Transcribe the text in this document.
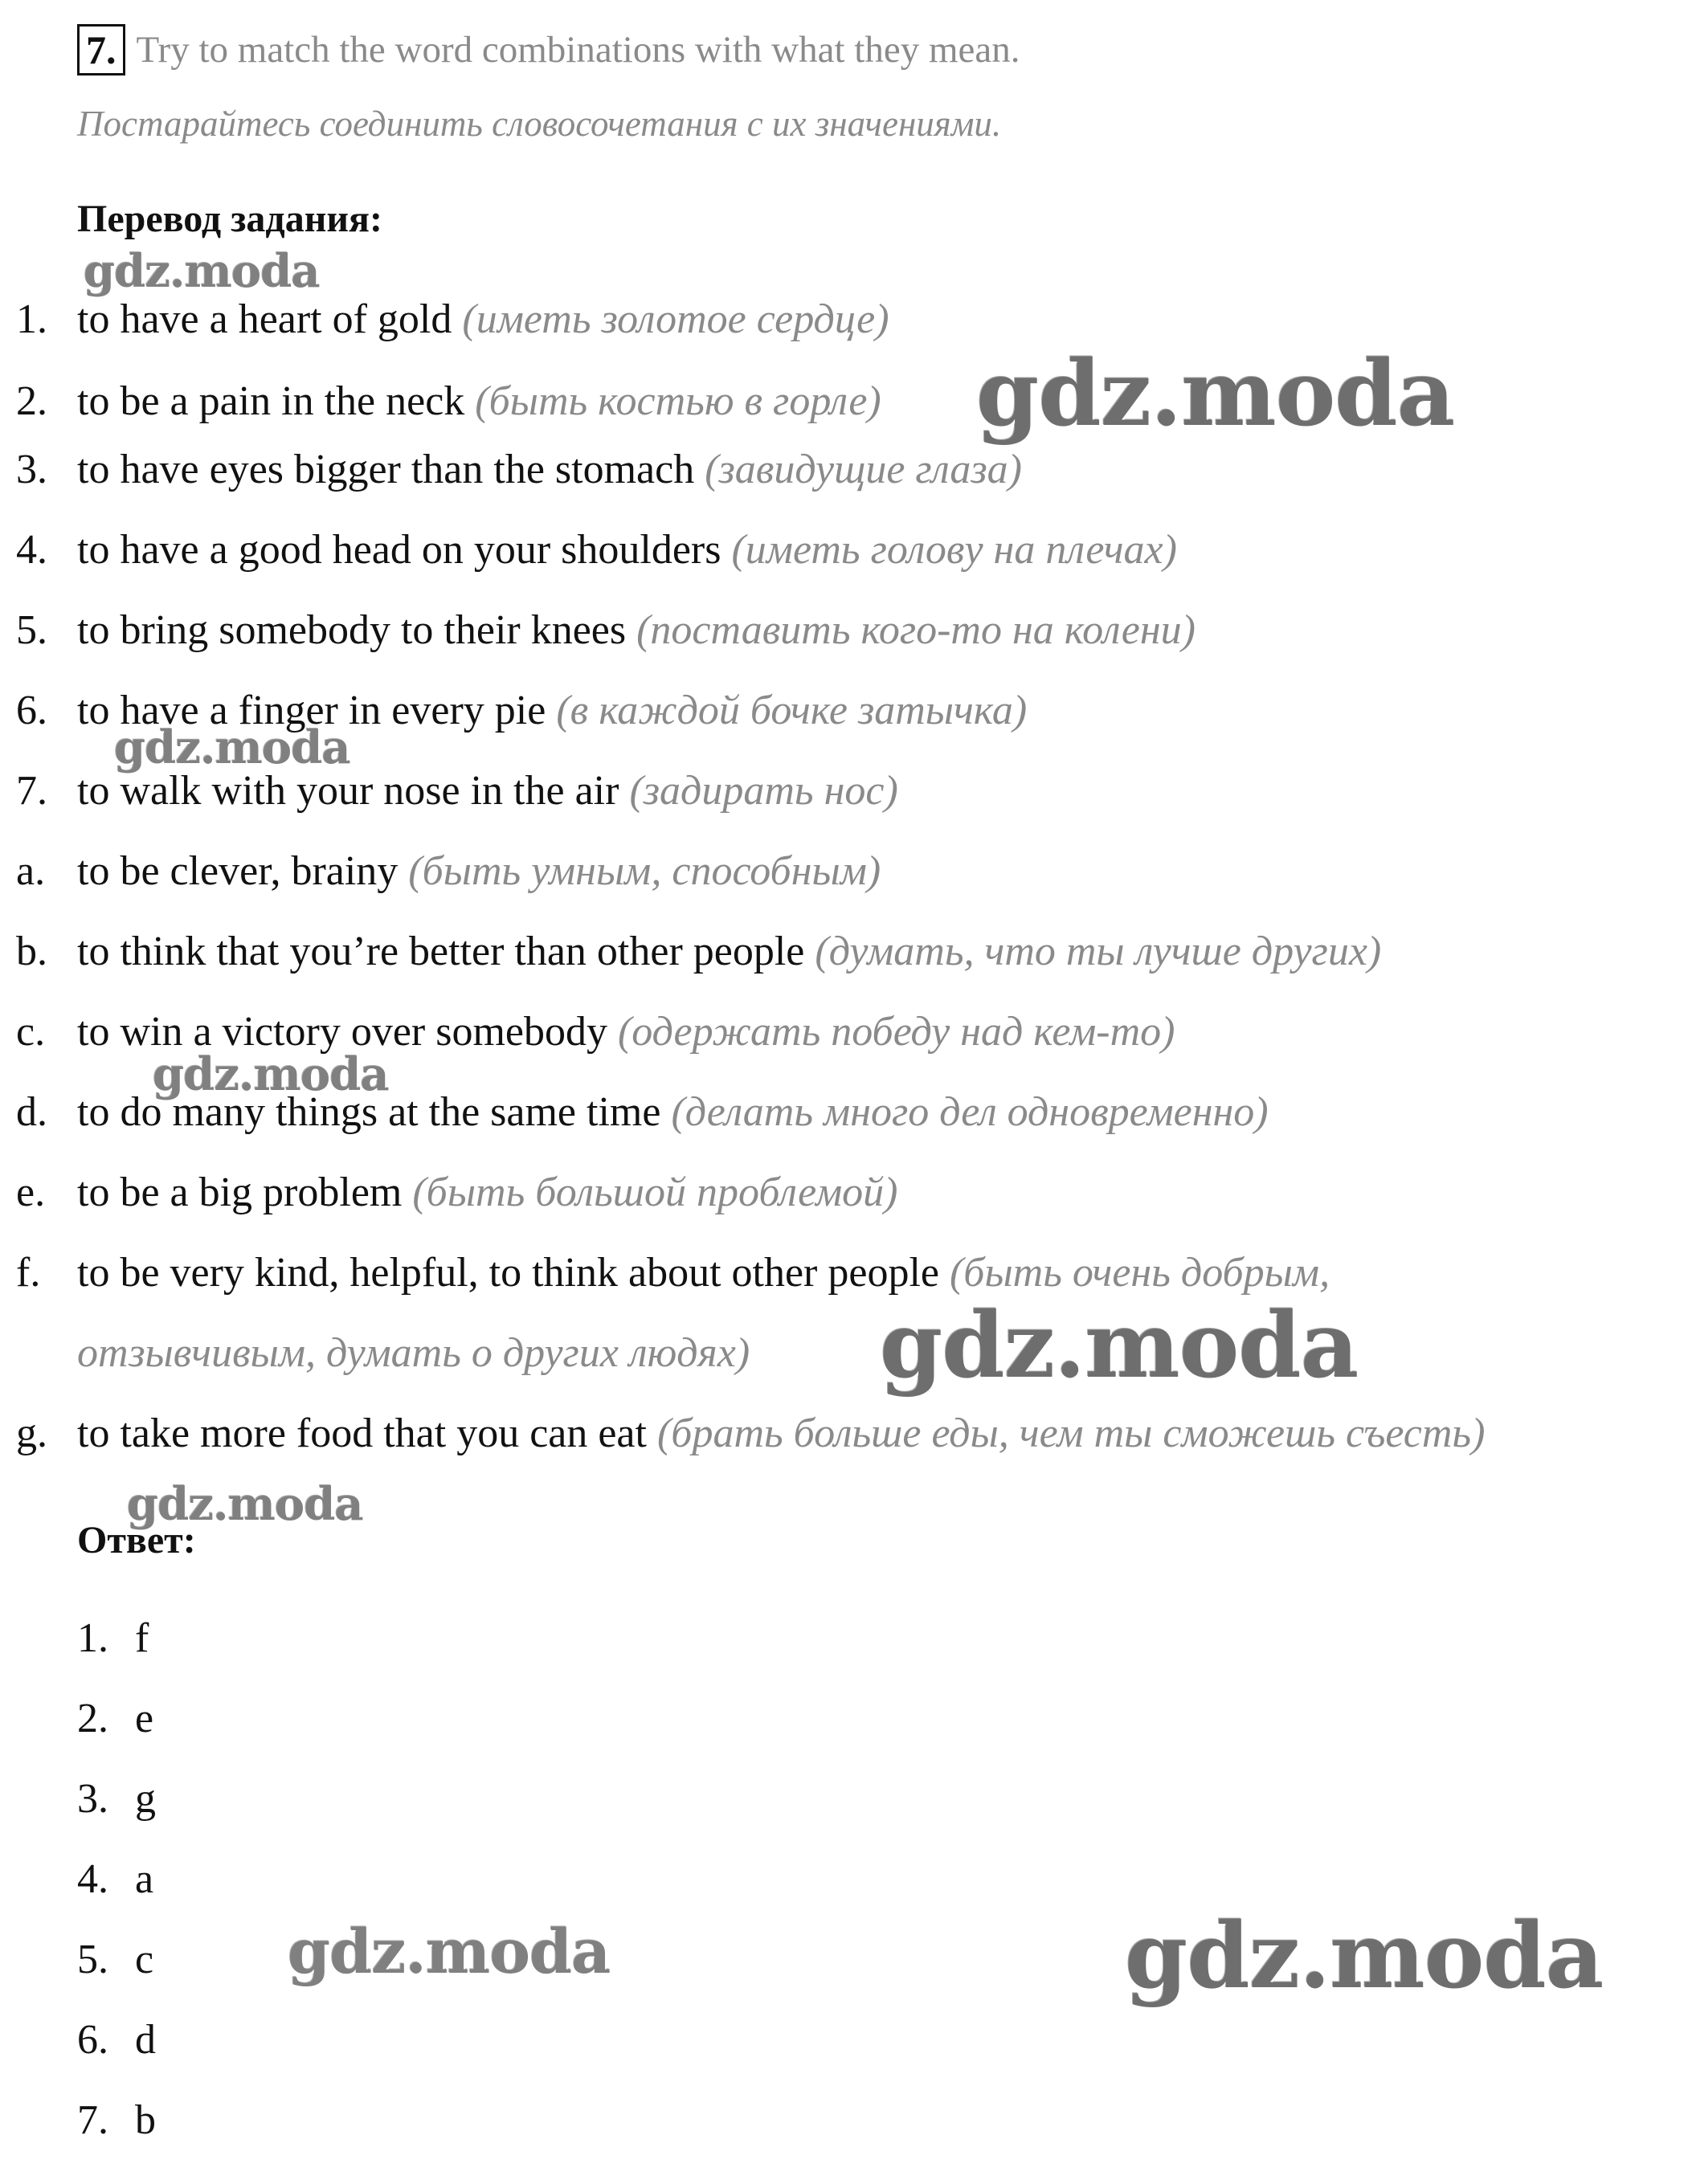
7. Try to match the word combinations with what they mean.
Постарайтесь соединить словосочетания с их значениями.
Перевод задания:
1. to have a heart of gold (иметь золотое сердце)
2. to be a pain in the neck (быть костью в горле)
3. to have eyes bigger than the stomach (завидущие глаза)
4. to have a good head on your shoulders (иметь голову на плечах)
5. to bring somebody to their knees (поставить кого-то на колени)
6. to have a finger in every pie (в каждой бочке затычка)
7. to walk with your nose in the air (задирать нос)
a. to be clever, brainy (быть умным, способным)
b. to think that you’re better than other people (думать, что ты лучше других)
c. to win a victory over somebody (одержать победу над кем-то)
d. to do many things at the same time (делать много дел одновременно)
e. to be a big problem (быть большой проблемой)
f. to be very kind, helpful, to think about other people (быть очень добрым,
отзывчивым, думать о других людях)
g. to take more food that you can eat (брать больше еды, чем ты сможешь съесть)
Ответ:
1. f
2. e
3. g
4. a
5. c
6. d
7. b
gdz.moda
gdz.moda
gdz.moda
gdz.moda
gdz.moda
gdz.moda
gdz.moda	gdz.moda
